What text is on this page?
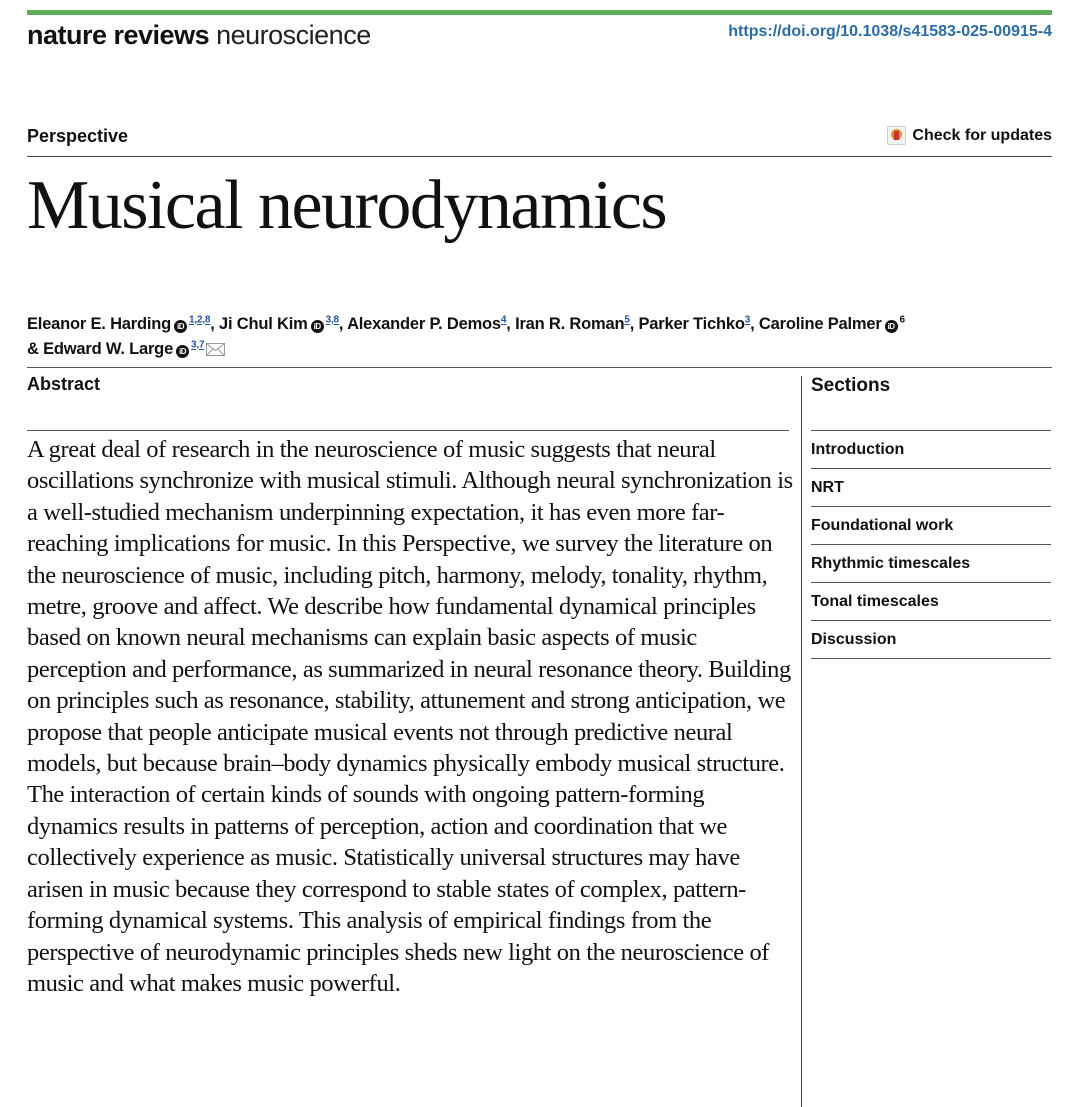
nature reviews neuroscience	https://doi.org/10.1038/s41583-025-00915-4
Perspective	Check for updates
Musical neurodynamics
Eleanor E. Harding iD$^{1,2,8}$, Ji Chul Kim iD$^{3,8}$, Alexander P. Demos$^4$, Iran R. Roman$^5$, Parker Tichko$^3$, Caroline Palmer $iD^6$
& Edward W. Large iD$^{3,7}$
Abstract

A great deal of research in the neuroscience of music suggests that neural oscillations synchronize with musical stimuli. Although neural synchronization is a well-studied mechanism underpinning expectation, it has even more far-reaching implications for music. In this Perspective, we survey the literature on the neuroscience of music, including pitch, harmony, melody, tonality, rhythm, metre, groove and affect. We describe how fundamental dynamical principles based on known neural mechanisms can explain basic aspects of music perception and performance, as summarized in neural resonance theory. Building on principles such as resonance, stability, attunement and strong anticipation, we propose that people anticipate musical events not through predictive neural models, but because brain–body dynamics physically embody musical structure. The interaction of certain kinds of sounds with ongoing pattern-forming dynamics results in patterns of perception, action and coordination that we collectively experience as music. Statistically universal structures may have arisen in music because they correspond to stable states of complex, pattern-forming dynamical systems. This analysis of empirical findings from the perspective of neurodynamic principles sheds new light on the neuroscience of music and what makes music powerful.

Sections
Introduction
NRT
Foundational work
Rhythmic timescales
Tonal timescales
Discussion
